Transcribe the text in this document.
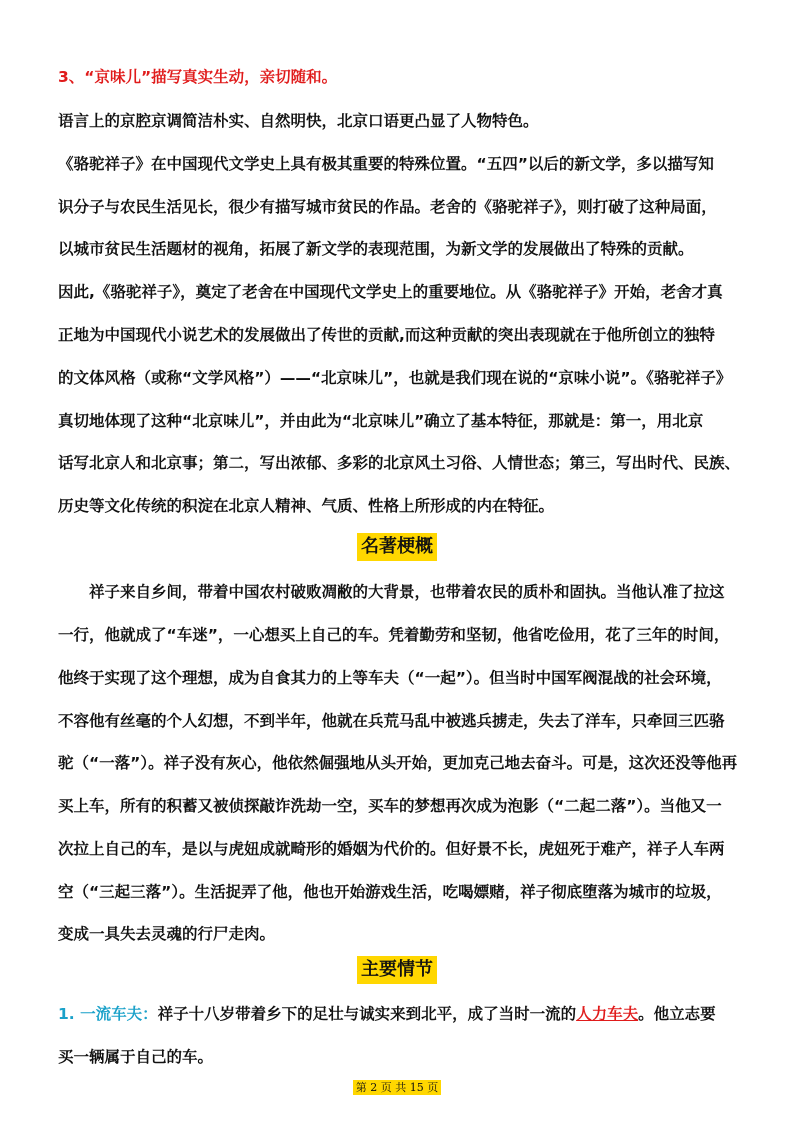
3、“京味儿”描写真实生动，亲切随和。
语言上的京腔京调简洁朴实、自然明快，北京口语更凸显了人物特色。
《骆驼祥子》在中国现代文学史上具有极其重要的特殊位置。“五四”以后的新文学，多以描写知
识分子与农民生活见长，很少有描写城市贫民的作品。老舍的《骆驼祥子》，则打破了这种局面，
以城市贫民生活题材的视角，拓展了新文学的表现范围，为新文学的发展做出了特殊的贡献。
因此,《骆驼祥子》，奠定了老舍在中国现代文学史上的重要地位。从《骆驼祥子》开始，老舍才真
正地为中国现代小说艺术的发展做出了传世的贡献,而这种贡献的突出表现就在于他所创立的独特
的文体风格（或称“文学风格”）——“北京味儿”，也就是我们现在说的“京味小说”。《骆驼祥子》
真切地体现了这种“北京味儿”，并由此为“北京味儿”确立了基本特征，那就是：第一，用北京
话写北京人和北京事；第二，写出浓郁、多彩的北京风土习俗、人情世态；第三，写出时代、民族、
历史等文化传统的积淀在北京人精神、气质、性格上所形成的内在特征。
名著梗概
祥子来自乡间，带着中国农村破败凋敝的大背景，也带着农民的质朴和固执。当他认准了拉这
一行，他就成了“车迷”，一心想买上自己的车。凭着勤劳和坚韧，他省吃俭用，花了三年的时间，
他终于实现了这个理想，成为自食其力的上等车夫（“一起”）。但当时中国军阀混战的社会环境，
不容他有丝毫的个人幻想，不到半年，他就在兵荒马乱中被逃兵掳走，失去了洋车，只牵回三匹骆
驼（“一落”）。祥子没有灰心，他依然倔强地从头开始，更加克己地去奋斗。可是，这次还没等他再
买上车，所有的积蓄又被侦探敲诈洗劫一空，买车的梦想再次成为泡影（“二起二落”）。当他又一
次拉上自己的车，是以与虎妞成就畸形的婚姻为代价的。但好景不长，虎妞死于难产，祥子人车两
空（“三起三落”）。生活捉弄了他，他也开始游戏生活，吃喝嫖赌，祥子彻底堕落为城市的垃圾，
变成一具失去灵魂的行尸走肉。
主要情节
1. 一流车夫：祥子十八岁带着乡下的足壮与诚实来到北平，成了当时一流的人力车夫。他立志要
买一辆属于自己的车。
第 2 页 共 15 页
